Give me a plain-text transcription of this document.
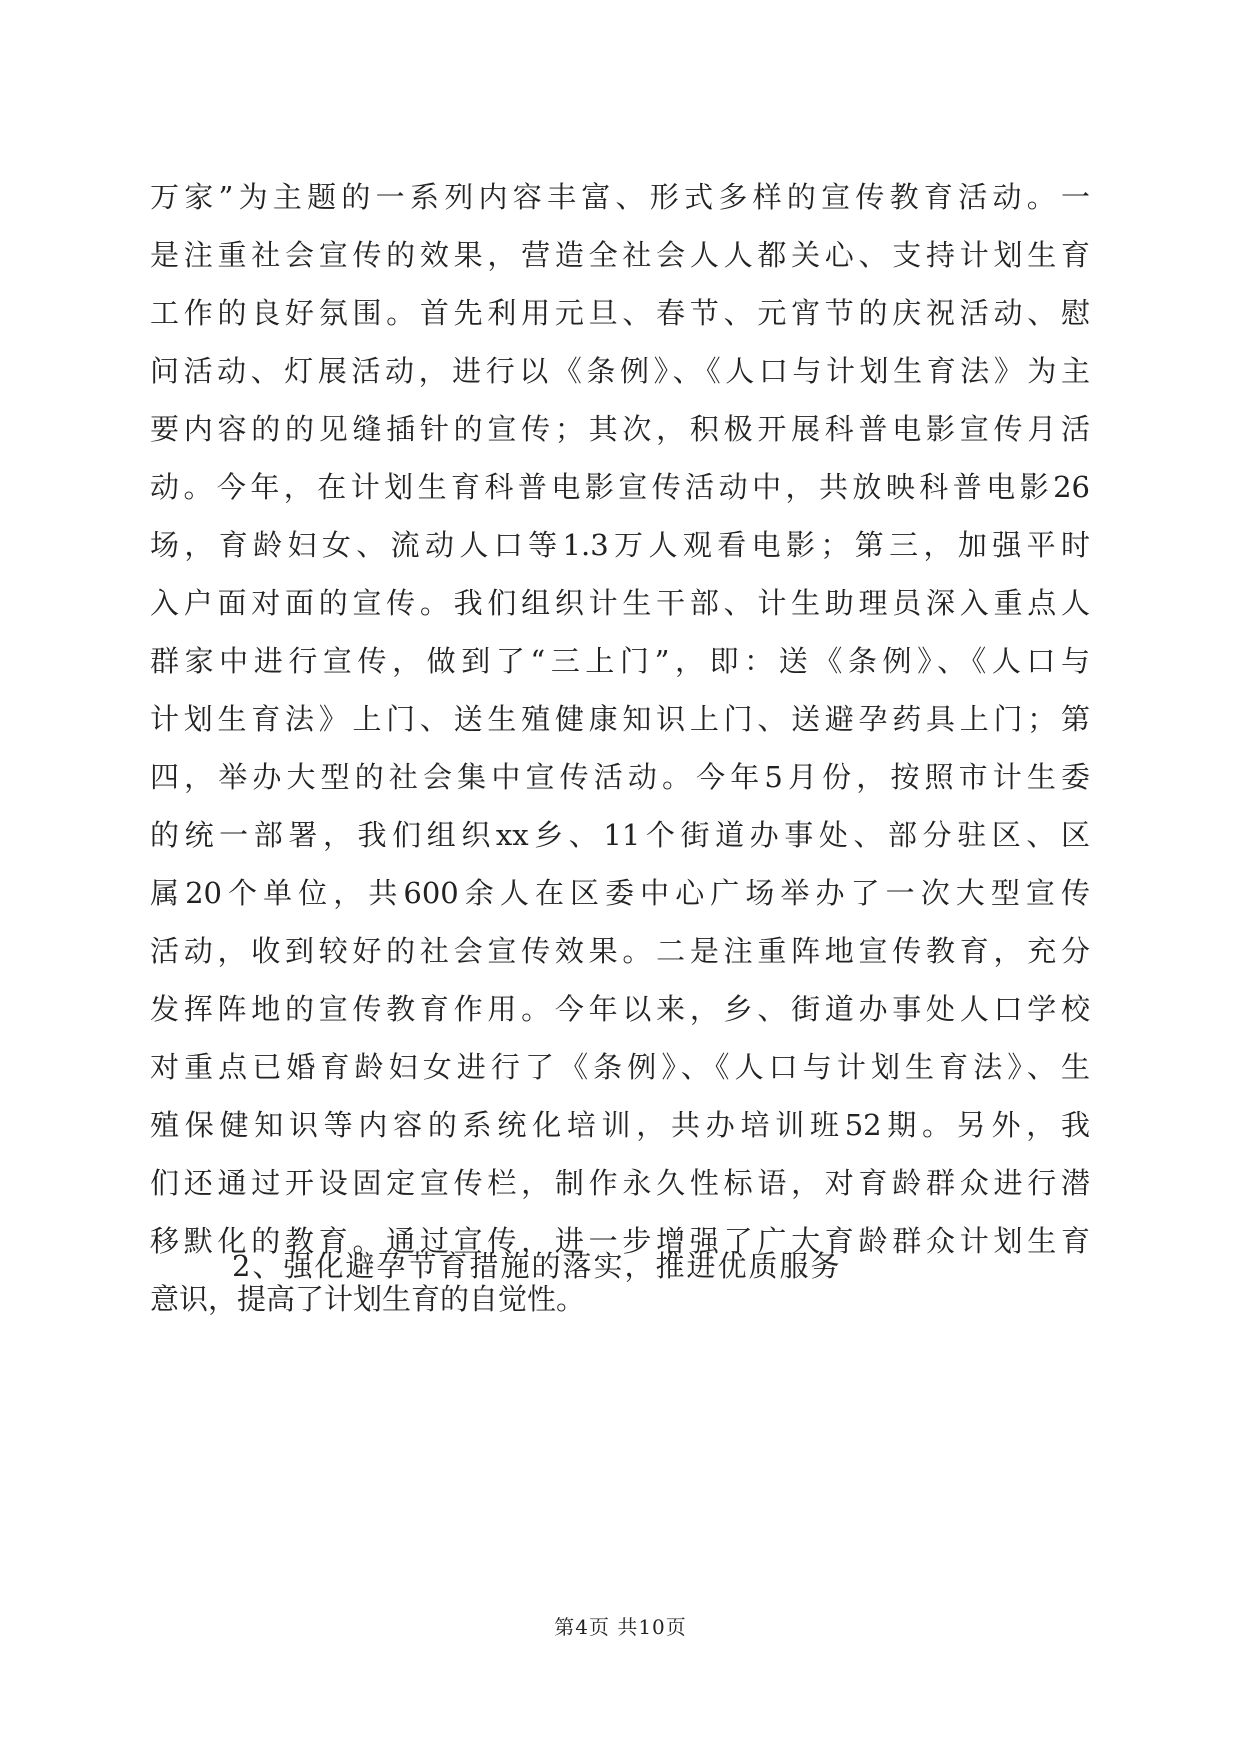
万家”为主题的一系列内容丰富、形式多样的宣传教育活动。一
是注重社会宣传的效果，营造全社会人人都关心、支持计划生育
工作的良好氛围。首先利用元旦、春节、元宵节的庆祝活动、慰
问活动、灯展活动，进行以《条例》、《人口与计划生育法》为主
要内容的的见缝插针的宣传；其次，积极开展科普电影宣传月活
动。今年，在计划生育科普电影宣传活动中，共放映科普电影26
场，育龄妇女、流动人口等1.3万人观看电影；第三，加强平时
入户面对面的宣传。我们组织计生干部、计生助理员深入重点人
群家中进行宣传，做到了“三上门”，即：送《条例》、《人口与
计划生育法》上门、送生殖健康知识上门、送避孕药具上门；第
四，举办大型的社会集中宣传活动。今年5月份，按照市计生委
的统一部署，我们组织xx乡、11个街道办事处、部分驻区、区
属20个单位，共600余人在区委中心广场举办了一次大型宣传
活动，收到较好的社会宣传效果。二是注重阵地宣传教育，充分
发挥阵地的宣传教育作用。今年以来，乡、街道办事处人口学校
对重点已婚育龄妇女进行了《条例》、《人口与计划生育法》、生
殖保健知识等内容的系统化培训，共办培训班52期。另外，我
们还通过开设固定宣传栏，制作永久性标语，对育龄群众进行潜
移默化的教育。通过宣传，进一步增强了广大育龄群众计划生育
意识，提高了计划生育的自觉性。
2、强化避孕节育措施的落实，推进优质服务
第4页 共10页
